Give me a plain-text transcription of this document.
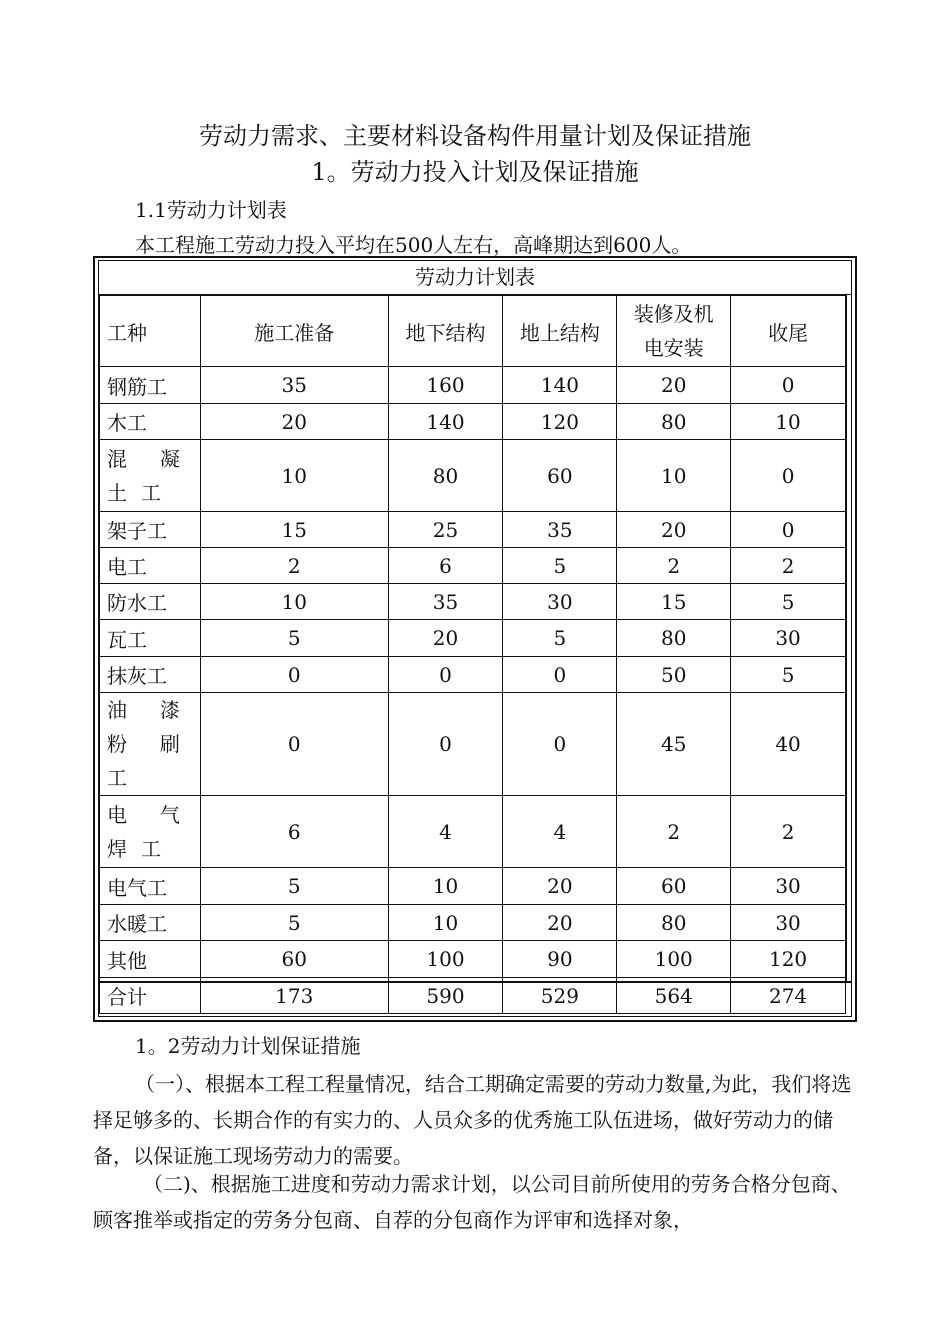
劳动力需求、主要材料设备构件用量计划及保证措施
1。劳动力投入计划及保证措施
1.1劳动力计划表
本工程施工劳动力投入平均在500人左右，高峰期达到600人。
劳动力计划表
工种	施工准备	地下结构	地上结构	装修及机电安装	收尾
钢筋工	35	160	140	20	0
木工	20	140	120	80	10
混凝土工	10	80	60	10	0
架子工	15	25	35	20	0
电工	2	6	5	2	2
防水工	10	35	30	15	5
瓦工	5	20	5	80	30
抹灰工	0	0	0	50	5
油漆粉刷工	0	0	0	45	40
电气焊工	6	4	4	2	2
电气工	5	10	20	60	30
水暖工	5	10	20	80	30
其他	60	100	90	100	120
合计	173	590	529	564	274
1。2劳动力计划保证措施
（一）、根据本工程工程量情况，结合工期确定需要的劳动力数量,为此，我们将选择足够多的、长期合作的有实力的、人员众多的优秀施工队伍进场，做好劳动力的储备，以保证施工现场劳动力的需要。
（二)、根据施工进度和劳动力需求计划，以公司目前所使用的劳务合格分包商、顾客推举或指定的劳务分包商、自荐的分包商作为评审和选择对象，
